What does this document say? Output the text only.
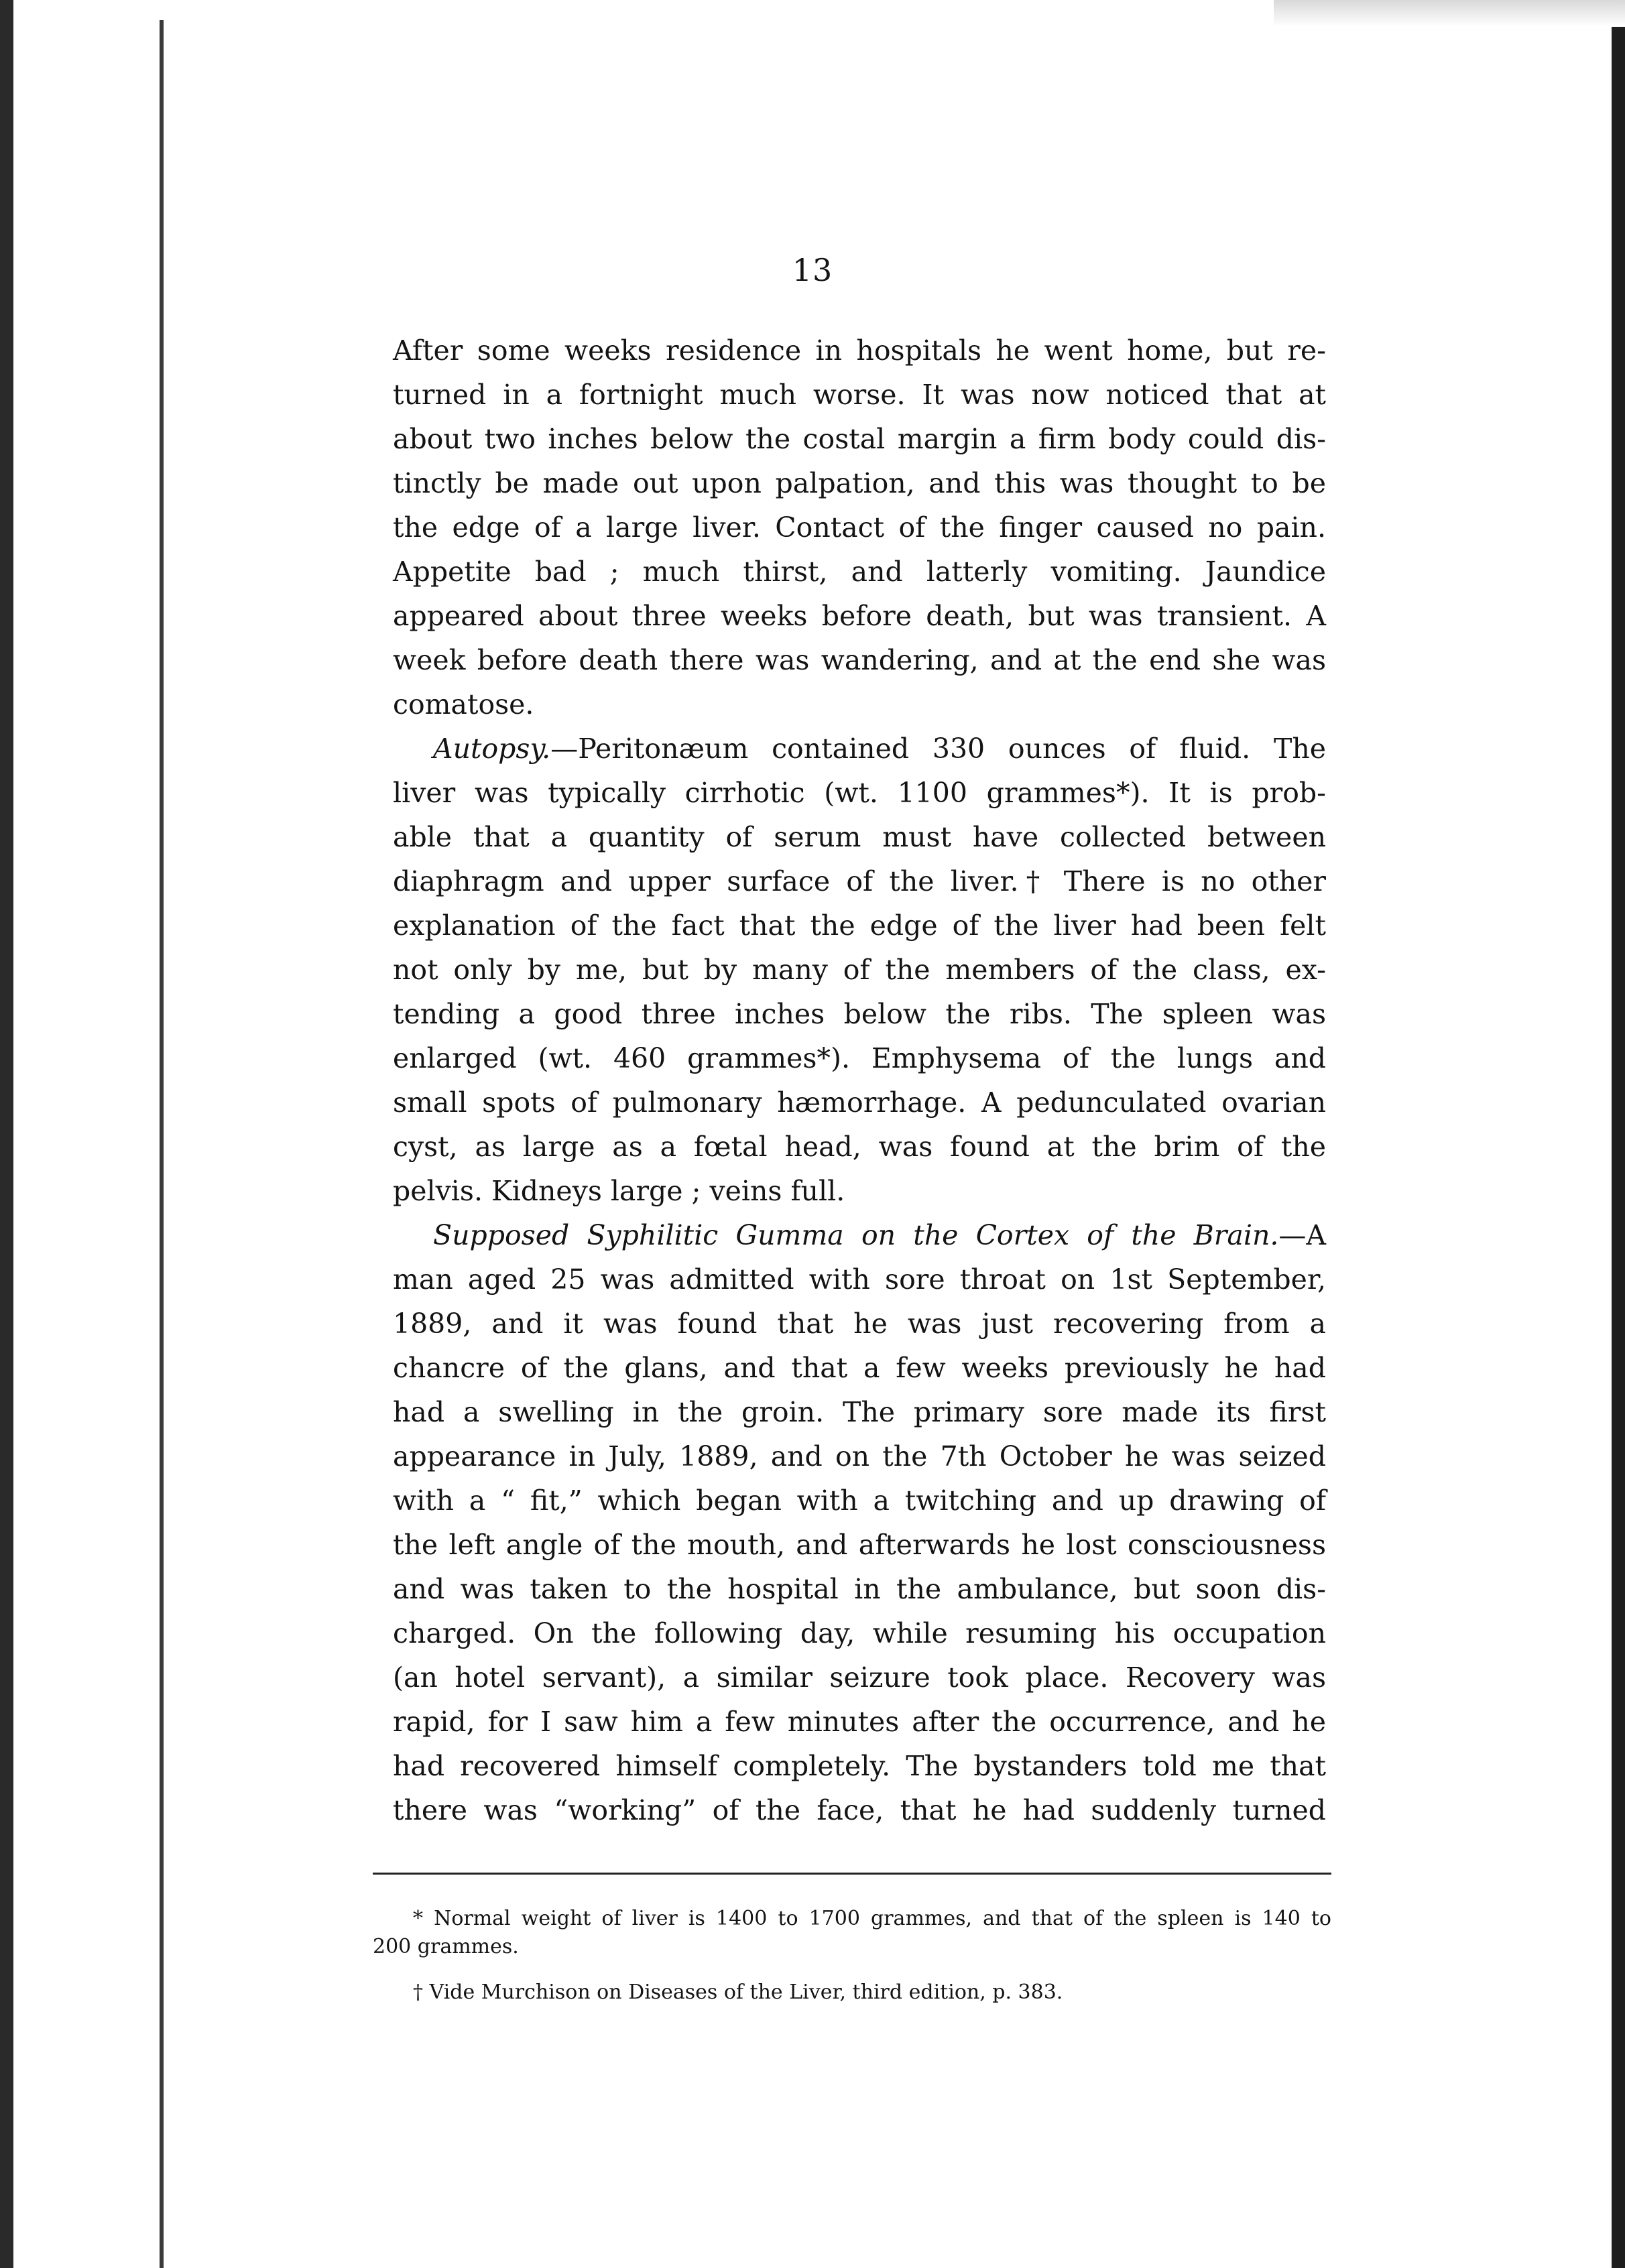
13
After some weeks residence in hospitals he went home, but re-
turned in a fortnight much worse. It was now noticed that at
about two inches below the costal margin a firm body could dis-
tinctly be made out upon palpation, and this was thought to be
the edge of a large liver. Contact of the finger caused no pain.
Appetite bad ; much thirst, and latterly vomiting. Jaundice
appeared about three weeks before death, but was transient. A
week before death there was wandering, and at the end she was
comatose.
Autopsy.—Peritonæum contained 330 ounces of fluid. The
liver was typically cirrhotic (wt. 1100 grammes*). It is prob-
able that a quantity of serum must have collected between
diaphragm and upper surface of the liver.† There is no other
explanation of the fact that the edge of the liver had been felt
not only by me, but by many of the members of the class, ex-
tending a good three inches below the ribs. The spleen was
enlarged (wt. 460 grammes*). Emphysema of the lungs and
small spots of pulmonary hæmorrhage. A pedunculated ovarian
cyst, as large as a fœtal head, was found at the brim of the
pelvis. Kidneys large ; veins full.
Supposed Syphilitic Gumma on the Cortex of the Brain.—A
man aged 25 was admitted with sore throat on 1st September,
1889, and it was found that he was just recovering from a
chancre of the glans, and that a few weeks previously he had
had a swelling in the groin. The primary sore made its first
appearance in July, 1889, and on the 7th October he was seized
with a “ fit,” which began with a twitching and up drawing of
the left angle of the mouth, and afterwards he lost consciousness
and was taken to the hospital in the ambulance, but soon dis-
charged. On the following day, while resuming his occupation
(an hotel servant), a similar seizure took place. Recovery was
rapid, for I saw him a few minutes after the occurrence, and he
had recovered himself completely. The bystanders told me that
there was “working” of the face, that he had suddenly turned
* Normal weight of liver is 1400 to 1700 grammes, and that of the spleen is 140 to
200 grammes.
† Vide Murchison on Diseases of the Liver, third edition, p. 383.
